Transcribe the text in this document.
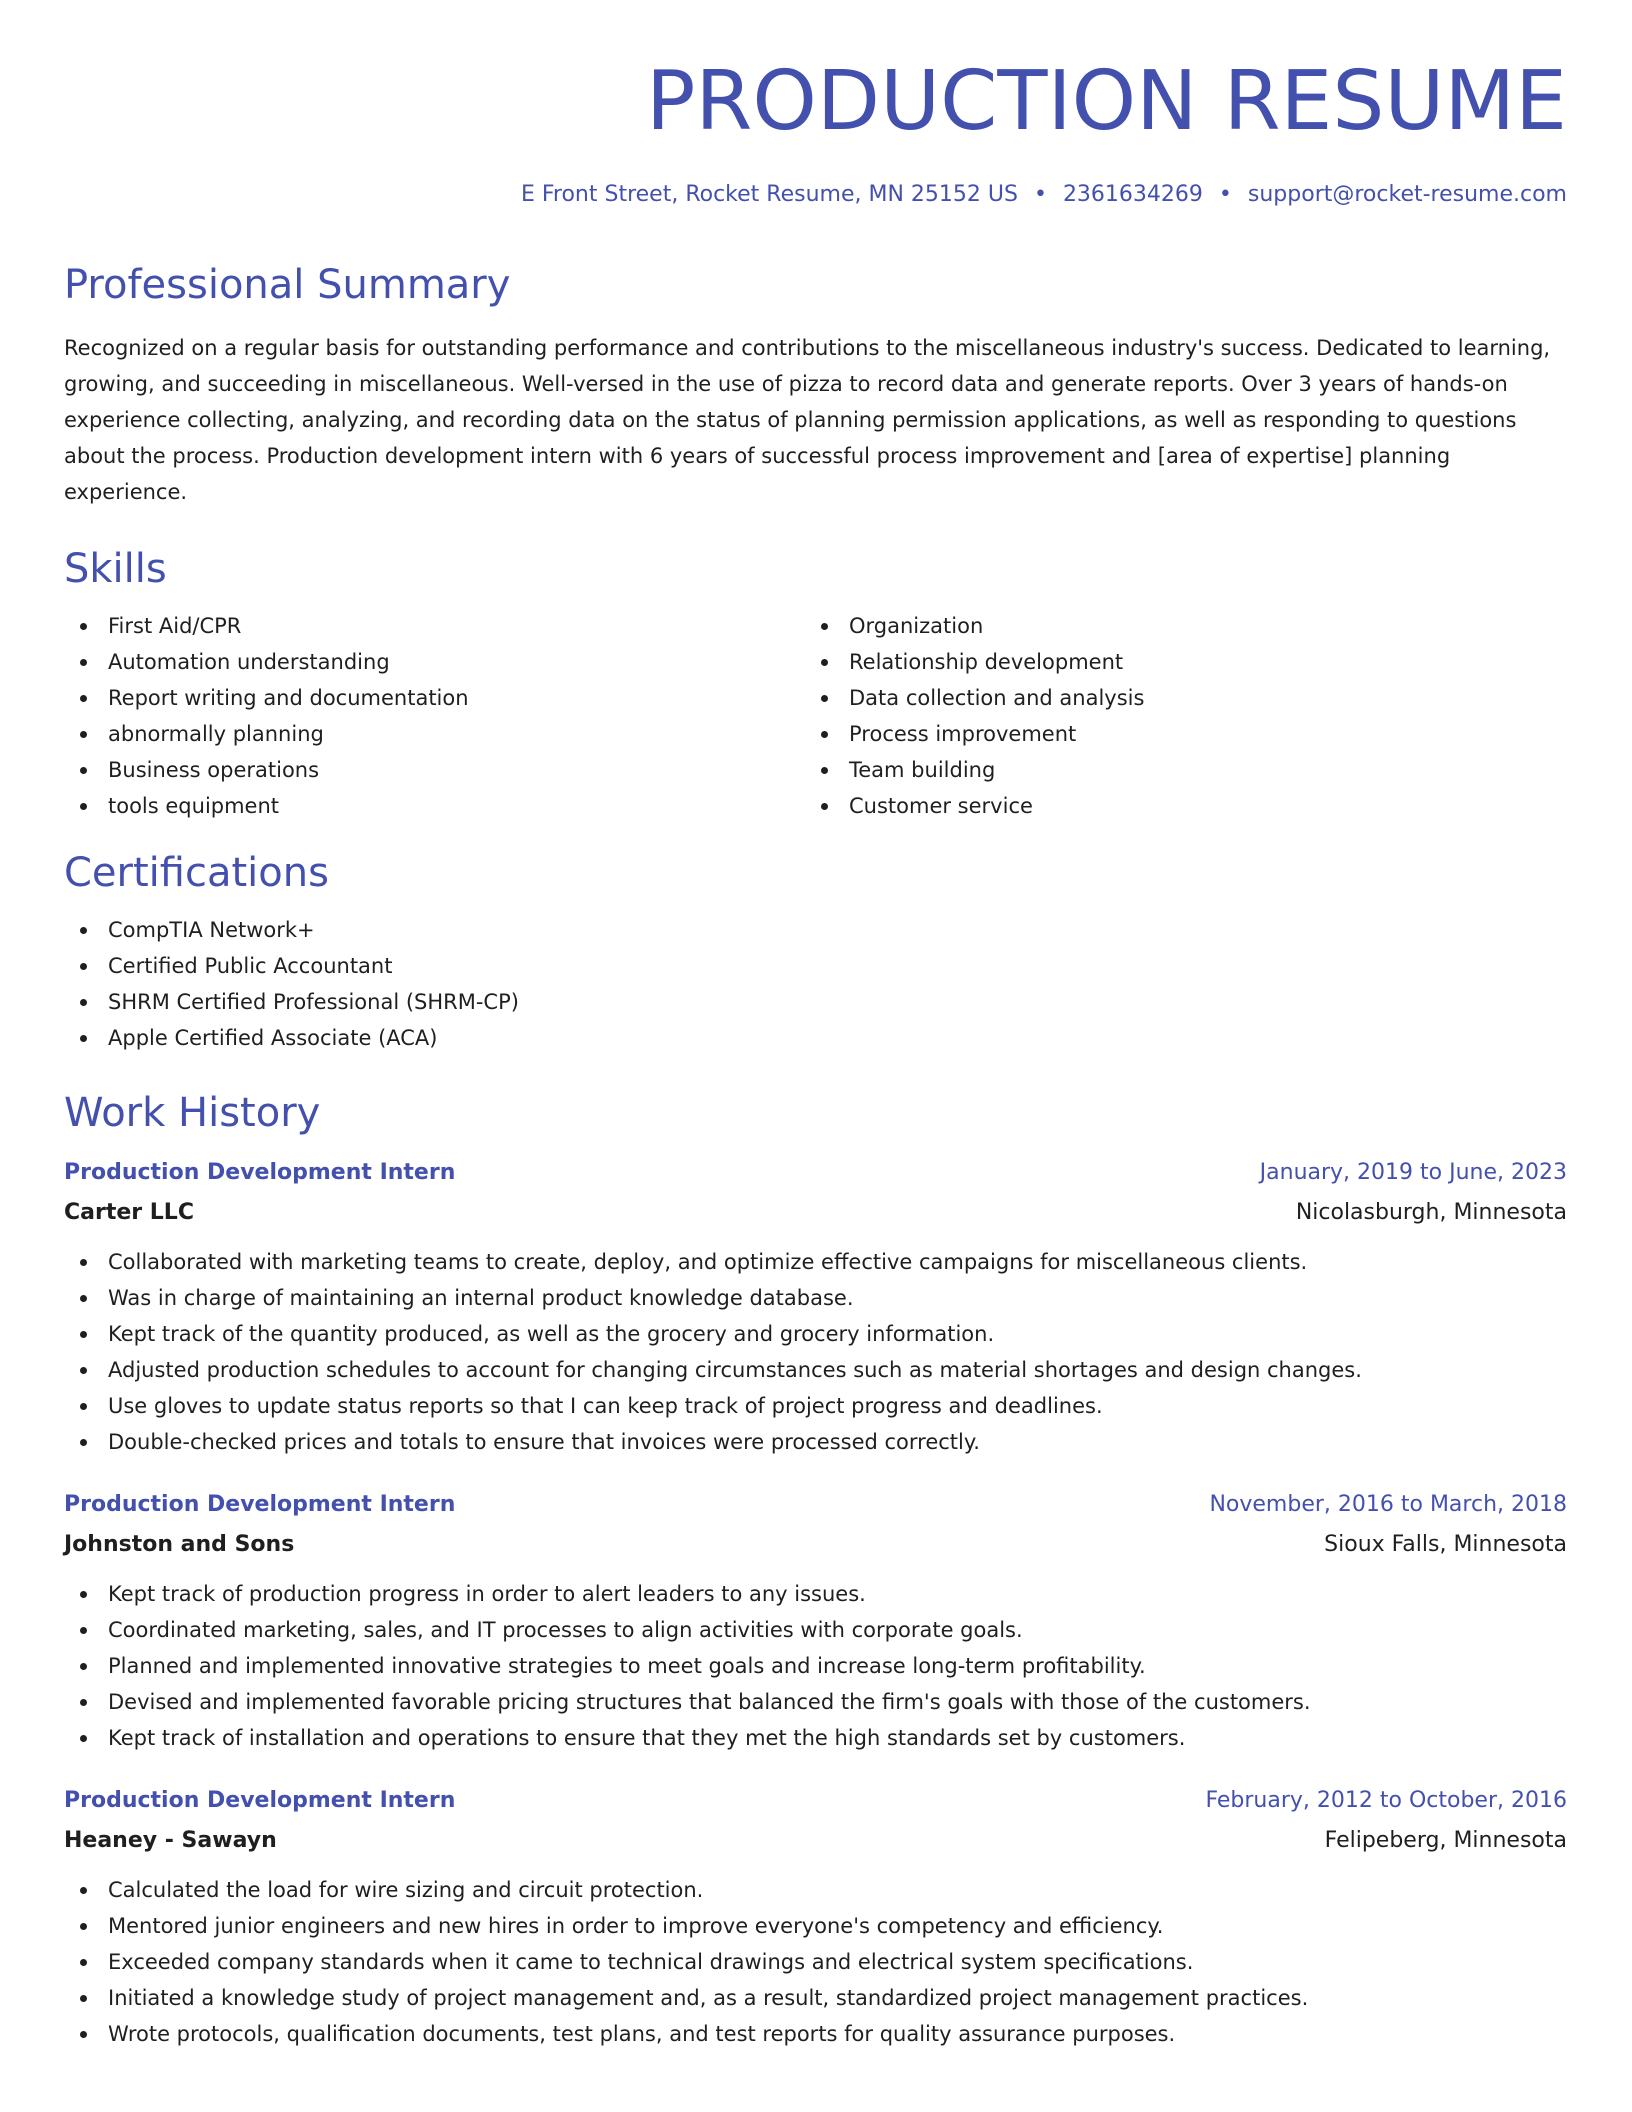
PRODUCTION RESUME
E Front Street, Rocket Resume, MN 25152 US • 2361634269 • support@rocket-resume.com
Professional Summary
Recognized on a regular basis for outstanding performance and contributions to the miscellaneous industry's success. Dedicated to learning, growing, and succeeding in miscellaneous. Well-versed in the use of pizza to record data and generate reports. Over 3 years of hands-on experience collecting, analyzing, and recording data on the status of planning permission applications, as well as responding to questions about the process. Production development intern with 6 years of successful process improvement and [area of expertise] planning experience.
Skills
First Aid/CPR
Automation understanding
Report writing and documentation
abnormally planning
Business operations
tools equipment
Organization
Relationship development
Data collection and analysis
Process improvement
Team building
Customer service
Certifications
CompTIA Network+
Certified Public Accountant
SHRM Certified Professional (SHRM-CP)
Apple Certified Associate (ACA)
Work History
Production Development Intern	January, 2019 to June, 2023
Carter LLC	Nicolasburgh, Minnesota
Collaborated with marketing teams to create, deploy, and optimize effective campaigns for miscellaneous clients.
Was in charge of maintaining an internal product knowledge database.
Kept track of the quantity produced, as well as the grocery and grocery information.
Adjusted production schedules to account for changing circumstances such as material shortages and design changes.
Use gloves to update status reports so that I can keep track of project progress and deadlines.
Double-checked prices and totals to ensure that invoices were processed correctly.
Production Development Intern	November, 2016 to March, 2018
Johnston and Sons	Sioux Falls, Minnesota
Kept track of production progress in order to alert leaders to any issues.
Coordinated marketing, sales, and IT processes to align activities with corporate goals.
Planned and implemented innovative strategies to meet goals and increase long-term profitability.
Devised and implemented favorable pricing structures that balanced the firm's goals with those of the customers.
Kept track of installation and operations to ensure that they met the high standards set by customers.
Production Development Intern	February, 2012 to October, 2016
Heaney - Sawayn	Felipeberg, Minnesota
Calculated the load for wire sizing and circuit protection.
Mentored junior engineers and new hires in order to improve everyone's competency and efficiency.
Exceeded company standards when it came to technical drawings and electrical system specifications.
Initiated a knowledge study of project management and, as a result, standardized project management practices.
Wrote protocols, qualification documents, test plans, and test reports for quality assurance purposes.
